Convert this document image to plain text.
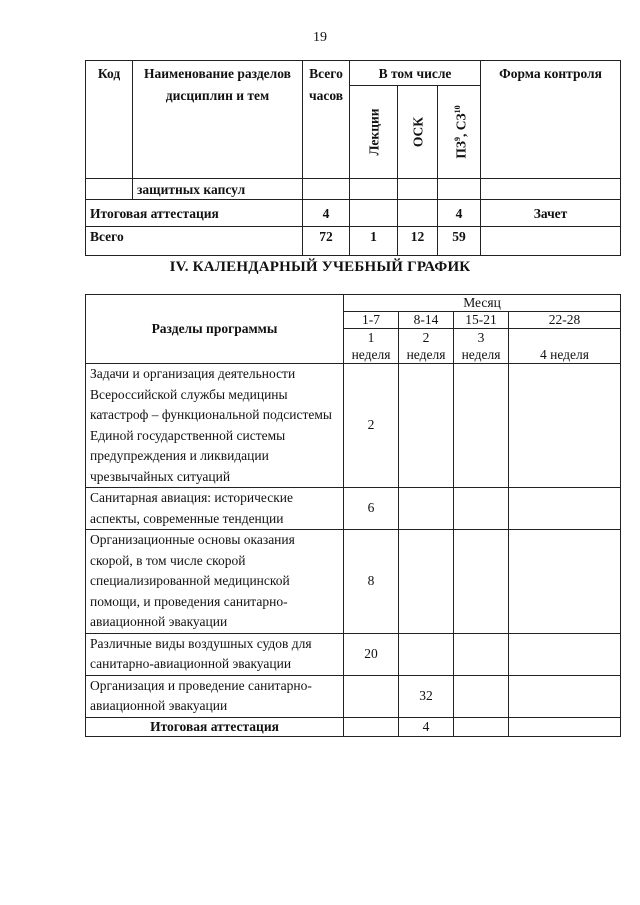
19
Код	Наименование разделов дисциплин и тем	Всего часов	В том числе			Форма контроля

			Лекции	ОСК	$ПЗ^9$, СЗ$^{10}$

	защитных капсул					
Итоговая аттестация		4			4	Зачет
Всего		72	1	12	59	
IV. КАЛЕНДАРНЫЙ УЧЕБНЫЙ ГРАФИК
Разделы программы	Месяц			
	1-7	8-14	15-21	22-28
	1	2	3	4 неделя
	неделя	неделя	неделя	
Задачи и организация деятельности Всероссийской службы медицины катастроф – функциональной подсистемы Единой государственной системы предупреждения и ликвидации чрезвычайных ситуаций	2			
Санитарная авиация: исторические аспекты, современные тенденции	6			
Организационные основы оказания скорой, в том числе скорой специализированной медицинской помощи, и проведения санитарно-авиационной эвакуации	8			
Различные виды воздушных судов для санитарно-авиационной эвакуации	20			
Организация и проведение санитарно-авиационной эвакуации		32		
Итоговая аттестация		4		
